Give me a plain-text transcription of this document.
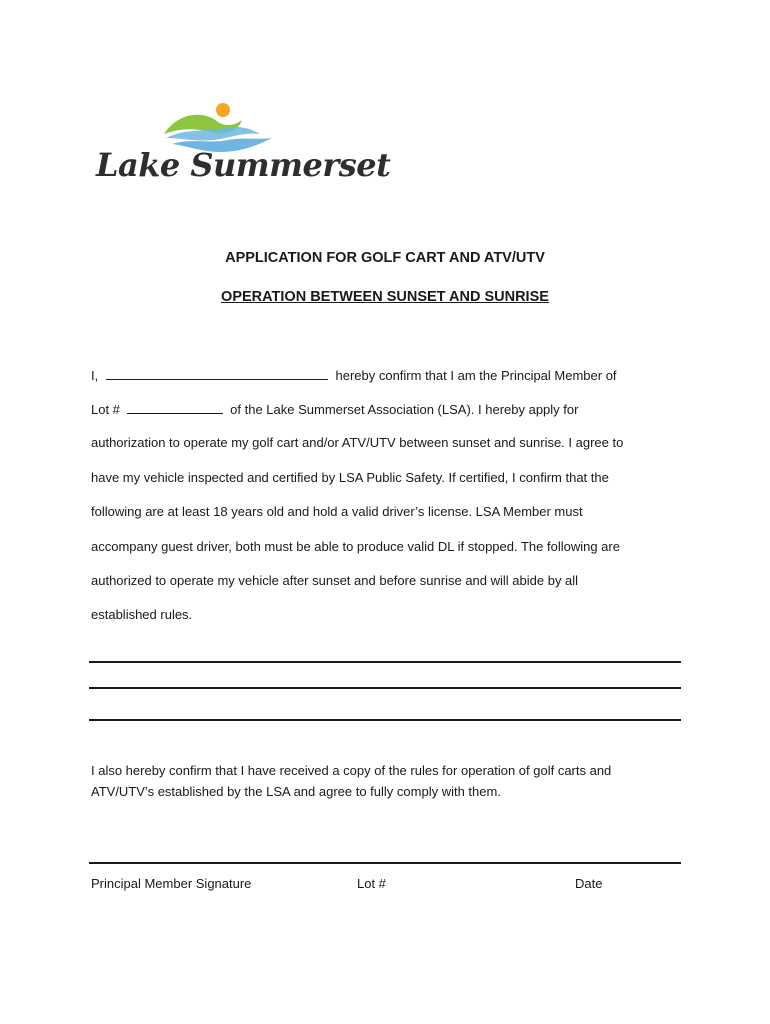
Lake Summerset
APPLICATION FOR GOLF CART AND ATV/UTV
OPERATION BETWEEN SUNSET AND SUNRISE
I,	hereby confirm that I am the Principal Member of
Lot #	of the Lake Summerset Association (LSA). I hereby apply for
authorization to operate my golf cart and/or ATV/UTV between sunset and sunrise. I agree to
have my vehicle inspected and certified by LSA Public Safety. If certified, I confirm that the
following are at least 18 years old and hold a valid driver’s license. LSA Member must
accompany guest driver, both must be able to produce valid DL if stopped. The following are
authorized to operate my vehicle after sunset and before sunrise and will abide by all
established rules.
I also hereby confirm that I have received a copy of the rules for operation of golf carts and
ATV/UTV’s established by the LSA and agree to fully comply with them.
Principal Member Signature	Lot #	Date
